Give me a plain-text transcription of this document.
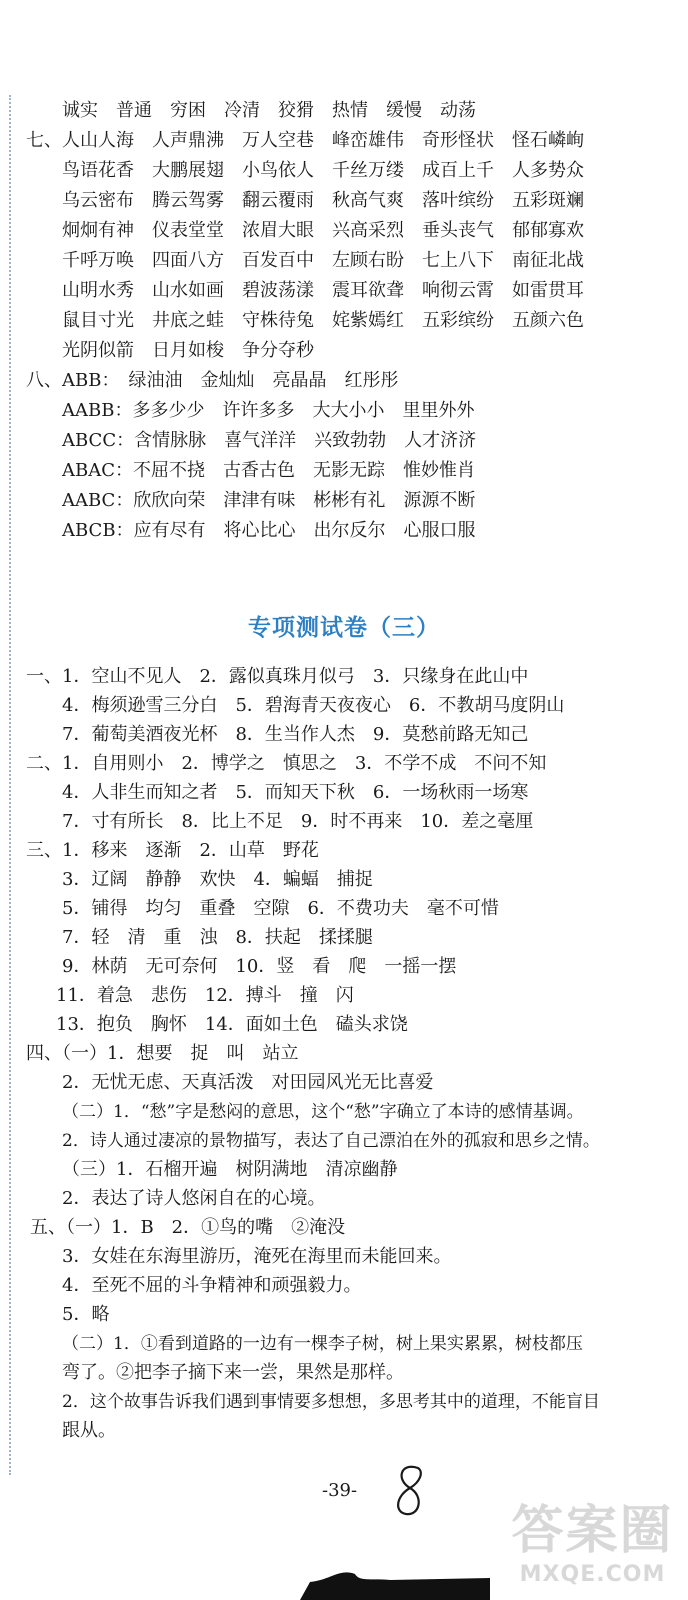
诚实　普通　穷困　冷清　狡猾　热情　缓慢　动荡
七、人山人海　人声鼎沸　万人空巷　峰峦雄伟　奇形怪状　怪石嶙峋
鸟语花香　大鹏展翅　小鸟依人　千丝万缕　成百上千　人多势众
乌云密布　腾云驾雾　翻云覆雨　秋高气爽　落叶缤纷　五彩斑斓
炯炯有神　仪表堂堂　浓眉大眼　兴高采烈　垂头丧气　郁郁寡欢
千呼万唤　四面八方　百发百中　左顾右盼　七上八下　南征北战
山明水秀　山水如画　碧波荡漾　震耳欲聋　响彻云霄　如雷贯耳
鼠目寸光　井底之蛙　守株待兔　姹紫嫣红　五彩缤纷　五颜六色
光阴似箭　日月如梭　争分夺秒
八、ABB：　绿油油　金灿灿　亮晶晶　红彤彤
AABB：多多少少　许许多多　大大小小　里里外外
ABCC：含情脉脉　喜气洋洋　兴致勃勃　人才济济
ABAC：不屈不挠　古香古色　无影无踪　惟妙惟肖
AABC：欣欣向荣　津津有味　彬彬有礼　源源不断
ABCB：应有尽有　将心比心　出尔反尔　心服口服
专项测试卷（三）
一、1．空山不见人　2．露似真珠月似弓　3．只缘身在此山中
4．梅须逊雪三分白　5．碧海青天夜夜心　6．不教胡马度阴山
7．葡萄美酒夜光杯　8．生当作人杰　9．莫愁前路无知己
二、1．自用则小　2．博学之　慎思之　3．不学不成　不问不知
4．人非生而知之者　5．而知天下秋　6．一场秋雨一场寒
7．寸有所长　8．比上不足　9．时不再来　10．差之毫厘
三、1．移来　逐渐　2．山草　野花
3．辽阔　静静　欢快　4．蝙蝠　捕捉
5．铺得　均匀　重叠　空隙　6．不费功夫　毫不可惜
7．轻　清　重　浊　8．扶起　揉揉腿
9．林荫　无可奈何　10．竖　看　爬　一摇一摆
11．着急　悲伤　12．搏斗　撞　闪
13．抱负　胸怀　14．面如土色　磕头求饶
四、（一）1．想要　捉　叫　站立
2．无忧无虑、天真活泼　对田园风光无比喜爱
（二）1．“愁”字是愁闷的意思，这个“愁”字确立了本诗的感情基调。
2．诗人通过凄凉的景物描写，表达了自己漂泊在外的孤寂和思乡之情。
（三）1．石榴开遍　树阴满地　清凉幽静
2．表达了诗人悠闲自在的心境。
五、（一）1．B　2．①鸟的嘴　②淹没
3．女娃在东海里游历，淹死在海里而未能回来。
4．至死不屈的斗争精神和顽强毅力。
5．略
（二）1．①看到道路的一边有一棵李子树，树上果实累累，树枝都压
弯了。②把李子摘下来一尝，果然是那样。
2．这个故事告诉我们遇到事情要多想想，多思考其中的道理，不能盲目
跟从。
-39-
答案圈
MXQE.COM
